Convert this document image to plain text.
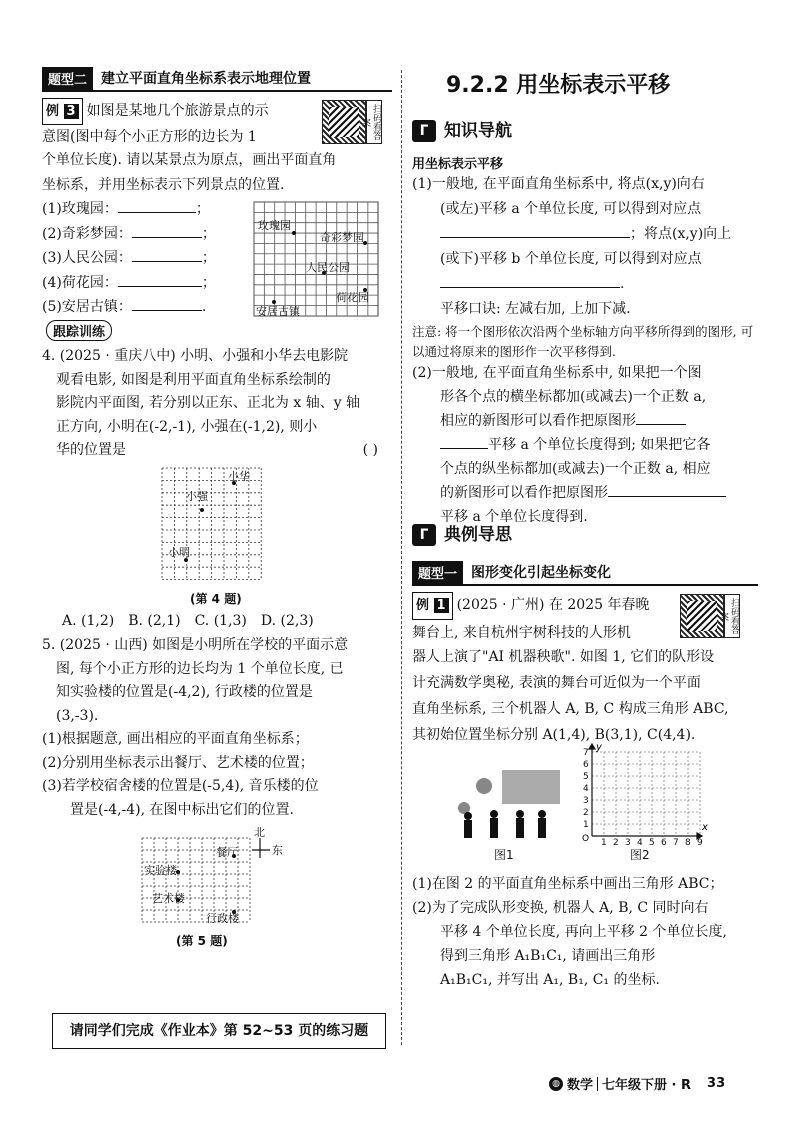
题型二	建立平面直角坐标系表示地理位置
例 3 如图是某地几个旅游景点的示
意图(图中每个小正方形的边长为 1
个单位长度). 请以某景点为原点，画出平面直角
坐标系，并用坐标表示下列景点的位置.
扫码看答案
(1)玫瑰园：	；
(2)奇彩梦园：	；
(3)人民公园：	；
(4)荷花园：	；
(5)安居古镇：	.
玫瑰园
奇彩梦园
人民公园
荷花园
安居古镇
跟踪训练
4. (2025 · 重庆八中) 小明、小强和小华去电影院
观看电影, 如图是利用平面直角坐标系绘制的
影院内平面图, 若分别以正东、正北为 x 轴、y 轴
正方向, 小明在(-2,-1), 小强在(-1,2), 则小
华的位置是	( )
小华
小强
小明
(第 4 题)
A. (1,2) B. (2,1) C. (1,3) D. (2,3)
5. (2025 · 山西) 如图是小明所在学校的平面示意
图, 每个小正方形的边长均为 1 个单位长度, 已
知实验楼的位置是(-4,2), 行政楼的位置是
(3,-3).
(1)根据题意, 画出相应的平面直角坐标系；
(2)分别用坐标表示出餐厅、艺术楼的位置；
(3)若学校宿舍楼的位置是(-5,4), 音乐楼的位
置是(-4,-4), 在图中标出它们的位置.
北
东
餐厅
实验楼
艺术楼
行政楼
(第 5 题)
请同学们完成《作业本》第 52~53 页的练习题
9.2.2 用坐标表示平移
ᒥ 知识导航
用坐标表示平移
(1)一般地, 在平面直角坐标系中, 将点(x,y)向右
(或左)平移 a 个单位长度, 可以得到对应点
；将点(x,y)向上
(或下)平移 b 个单位长度, 可以得到对应点
.
平移口诀: 左减右加, 上加下减.
注意: 将一个图形依次沿两个坐标轴方向平移所得到的图形, 可以通过将原来的图形作一次平移得到.
(2)一般地, 在平面直角坐标系中, 如果把一个图
形各个点的横坐标都加(或减去)一个正数 a,
相应的新图形可以看作把原图形
平移 a 个单位长度得到; 如果把它各
个点的纵坐标都加(或减去)一个正数 a, 相应
的新图形可以看作把原图形
平移 a 个单位长度得到.
ᒥ 典例导思
题型一	图形变化引起坐标变化
例 1 (2025 · 广州) 在 2025 年春晚
舞台上, 来自杭州宇树科技的人形机
器人上演了"AI 机器秧歌". 如图 1, 它们的队形设
计充满数学奥秘, 表演的舞台可近似为一个平面
直角坐标系, 三个机器人 A, B, C 构成三角形 ABC,
其初始位置坐标分别 A(1,4), B(3,1), C(4,4).
扫码看答案
图1
1 2 3 4 5 6 7 8 9
1
2
3
4
5
6
7
O
x
y
图2
(1)在图 2 的平面直角坐标系中画出三角形 ABC；
(2)为了完成队形变换, 机器人 A, B, C 同时向右
平移 4 个单位长度, 再向上平移 2 个单位长度,
得到三角形 A₁B₁C₁, 请画出三角形
A₁B₁C₁, 并写出 A₁, B₁, C₁ 的坐标.
◍ 数学 七年级下册 · R 33
